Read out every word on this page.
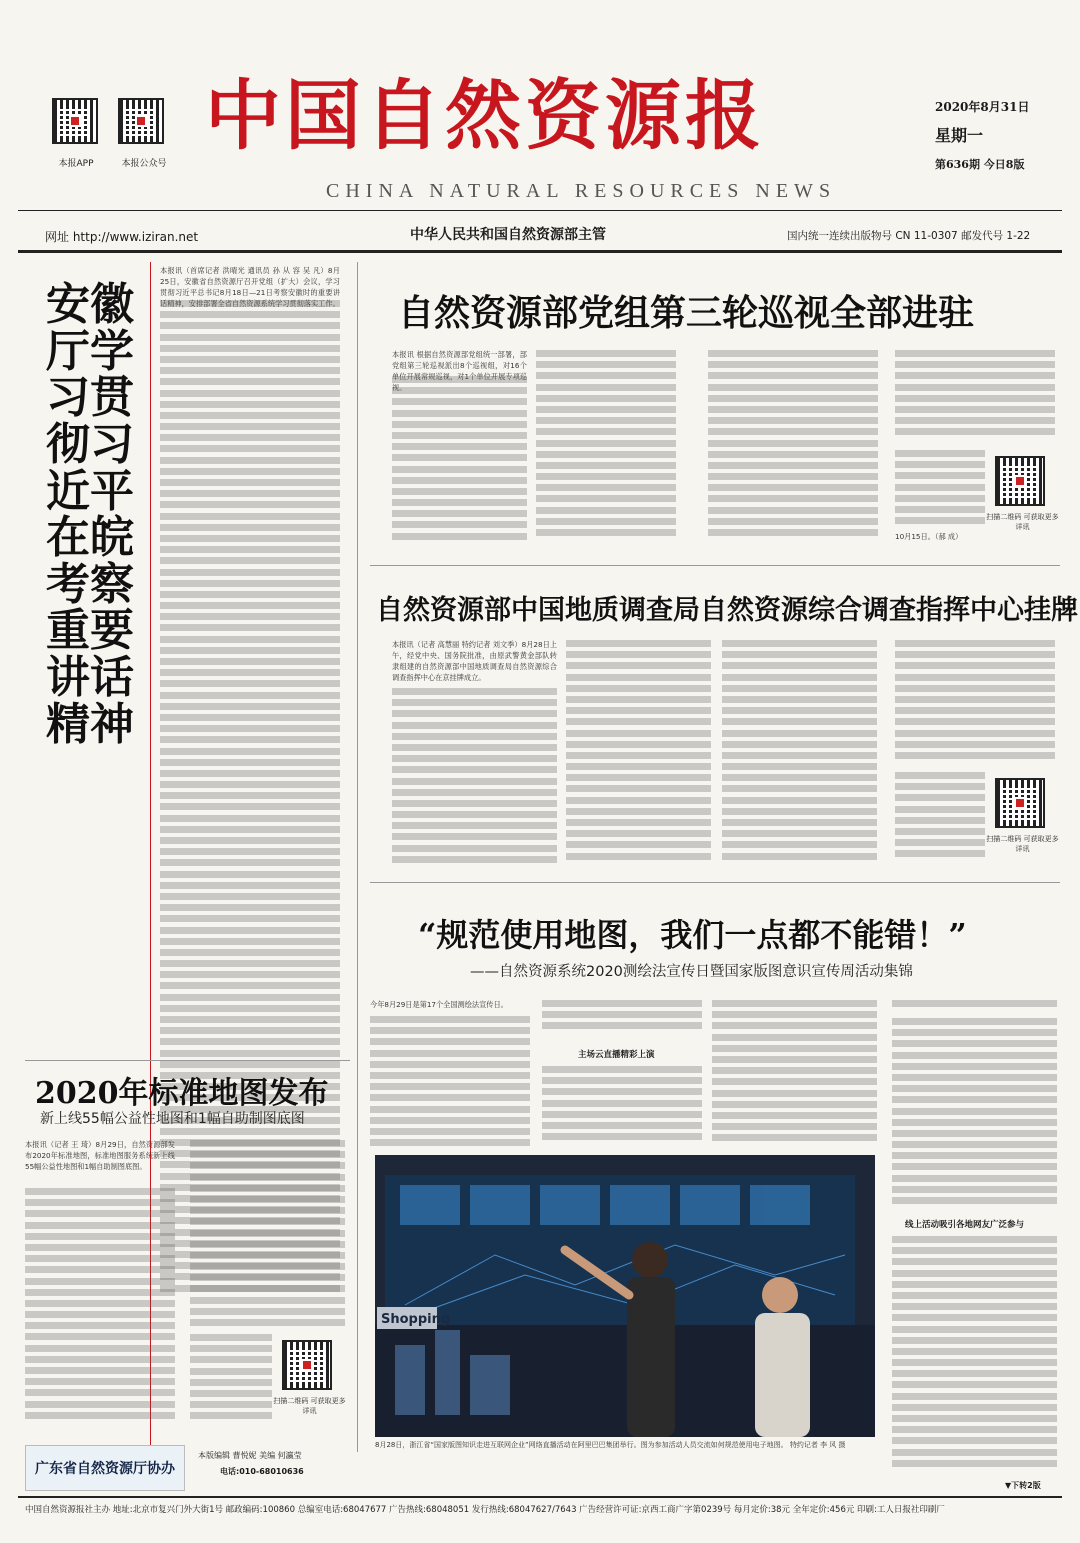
本报APP	本报公众号
中国自然资源报
CHINA NATURAL RESOURCES NEWS
2020年8月31日
星期一
第636期 今日8版
网址 http://www.iziran.net	中华人民共和国自然资源部主管	国内统一连续出版物号 CN 11-0307 邮发代号 1-22
安徽厅学习贯彻习近平在皖考察重要讲话精神
本报讯（首席记者 洪晴光 通讯员 孙 从 容 吴 凡）8月25日，安徽省自然资源厅召开党组（扩大）会议，学习贯彻习近平总书记8月18日—21日考察安徽时的重要讲话精神，安排部署全省自然资源系统学习贯彻落实工作。 自然资源部党组第三轮巡视全部进驻
本报讯 根据自然资源部党组统一部署，部党组第三轮巡视派出8个巡视组，对16个单位开展常规巡视，对1个单位开展专项巡视。
扫描二维码 可获取更多详讯
10月15日。（郝 成）
自然资源部中国地质调查局自然资源综合调查指挥中心挂牌
本报讯（记者 高慧丽 特约记者 刘文季）8月28日上午，经党中央、国务院批准，由原武警黄金部队转隶组建的自然资源部中国地质调查局自然资源综合调查指挥中心在京挂牌成立。
扫描二维码 可获取更多详讯
“规范使用地图，我们一点都不能错！”
——自然资源系统2020测绘法宣传日暨国家版图意识宣传周活动集锦
今年8月29日是第17个全国测绘法宣传日。
主场云直播精彩上演
线上活动吸引各地网友广泛参与
Shopping
8月28日，浙江省“国家版图知识走进互联网企业”网络直播活动在阿里巴巴集团举行。图为参加活动人员交流如何规范使用电子地图。 特约记者 李 风 摄
▼下转2版
2020年标准地图发布
新上线55幅公益性地图和1幅自助制图底图
本报讯（记者 王 琦）8月29日，自然资源部发布2020年标准地图，标准地图服务系统新上线55幅公益性地图和1幅自助制图底图。
扫描二维码 可获取更多详讯
广东省自然资源厅协办
本版编辑 曹悦妮 美编 何瀛莹
电话:010-68010636
中国自然资源报社主办 地址:北京市复兴门外大街1号 邮政编码:100860 总编室电话:68047677 广告热线:68048051 发行热线:68047627/7643 广告经营许可证:京西工商广字第0239号 每月定价:38元 全年定价:456元 印刷:工人日报社印刷厂
